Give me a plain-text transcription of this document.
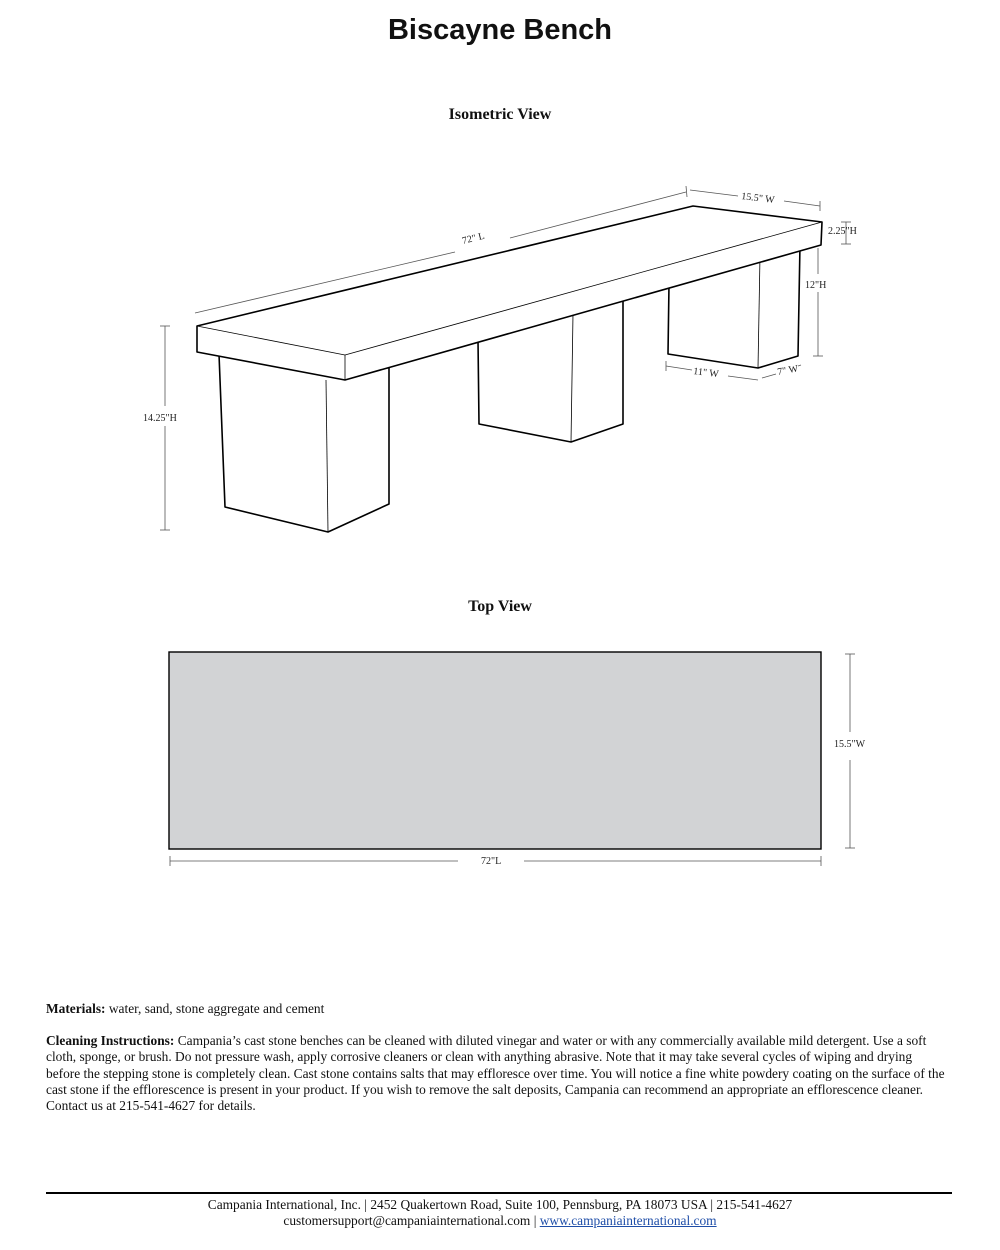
Biscayne Bench
Isometric View
72" L
15.5" W
2.25"H
12"H
14.25"H
11" W	7" W
Top View
15.5"W
72"L

Materials: water, sand, stone aggregate and cement

Cleaning Instructions: Campania’s cast stone benches can be cleaned with diluted vinegar and water or with any commercially available mild detergent. Use a soft cloth, sponge, or brush. Do not pressure wash, apply corrosive cleaners or clean with anything abrasive. Note that it may take several cycles of wiping and drying before the stepping stone is completely clean. Cast stone contains salts that may effloresce over time. You will notice a fine white powdery coating on the surface of the cast stone if the efflorescence is present in your product. If you wish to remove the salt deposits, Campania can recommend an appropriate an efflorescence cleaner. Contact us at 215-541-4627 for details.

Campania International, Inc. | 2452 Quakertown Road, Suite 100, Pennsburg, PA 18073 USA | 215-541-4627

customersupport@campaniainternational.com | www.campaniainternational.com
